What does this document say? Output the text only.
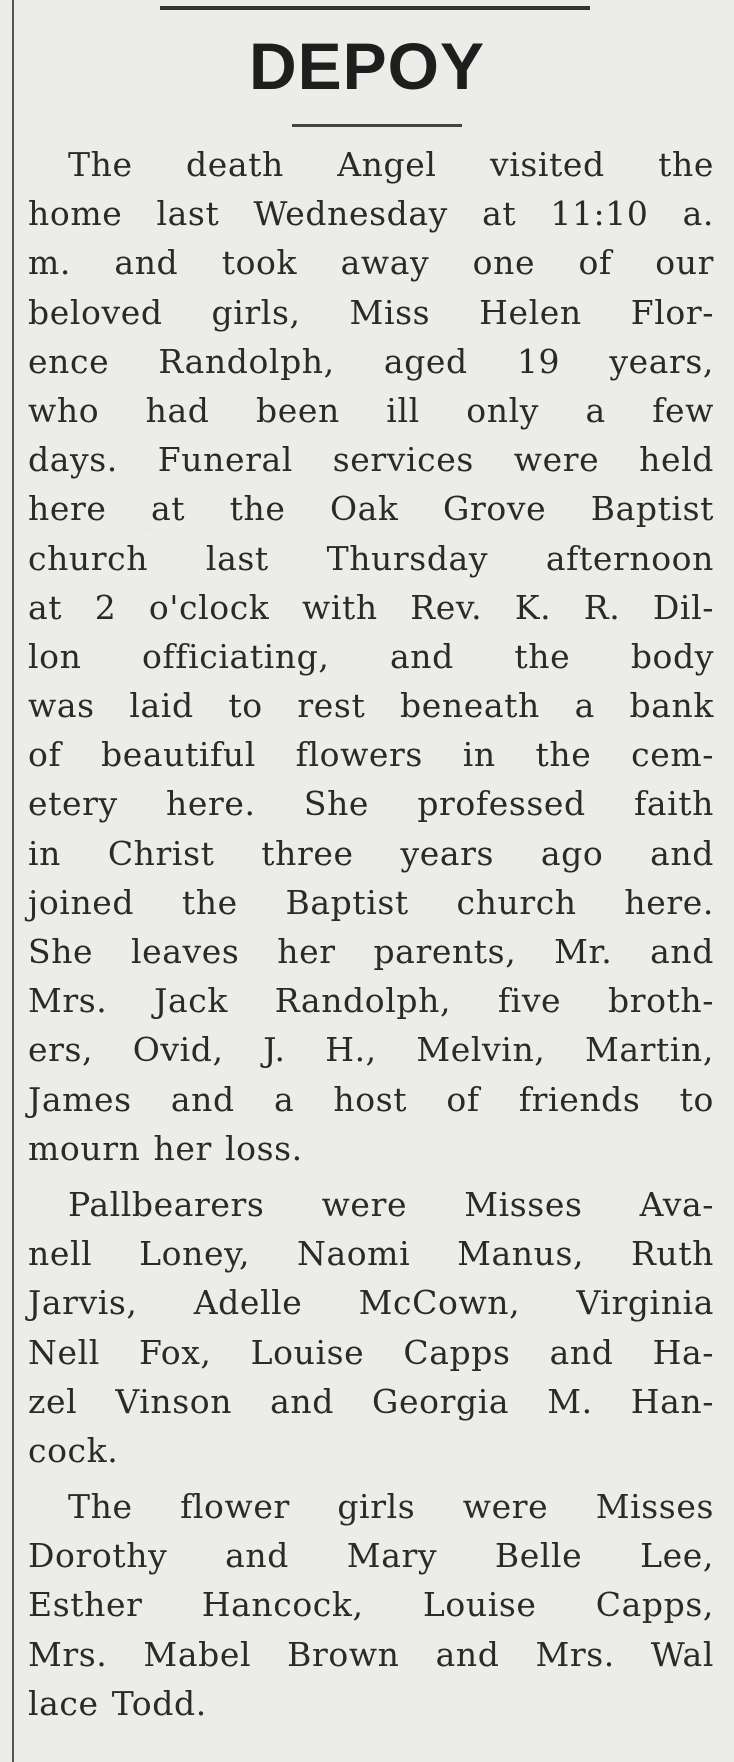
DEPOY
The death Angel visited the
home last Wednesday at 11:10 a.
m. and took away one of our
beloved girls, Miss Helen Flor-
ence Randolph, aged 19 years,
who had been ill only a few
days. Funeral services were held
here at the Oak Grove Baptist
church last Thursday afternoon
at 2 o'clock with Rev. K. R. Dil-
lon officiating, and the body
was laid to rest beneath a bank
of beautiful flowers in the cem-
etery here. She professed faith
in Christ three years ago and
joined the Baptist church here.
She leaves her parents, Mr. and
Mrs. Jack Randolph, five broth-
ers, Ovid, J. H., Melvin, Martin,
James and a host of friends to
mourn her loss.
Pallbearers were Misses Ava-
nell Loney, Naomi Manus, Ruth
Jarvis, Adelle McCown, Virginia
Nell Fox, Louise Capps and Ha-
zel Vinson and Georgia M. Han-
cock.
The flower girls were Misses
Dorothy and Mary Belle Lee,
Esther Hancock, Louise Capps,
Mrs. Mabel Brown and Mrs. Wal
lace Todd.
